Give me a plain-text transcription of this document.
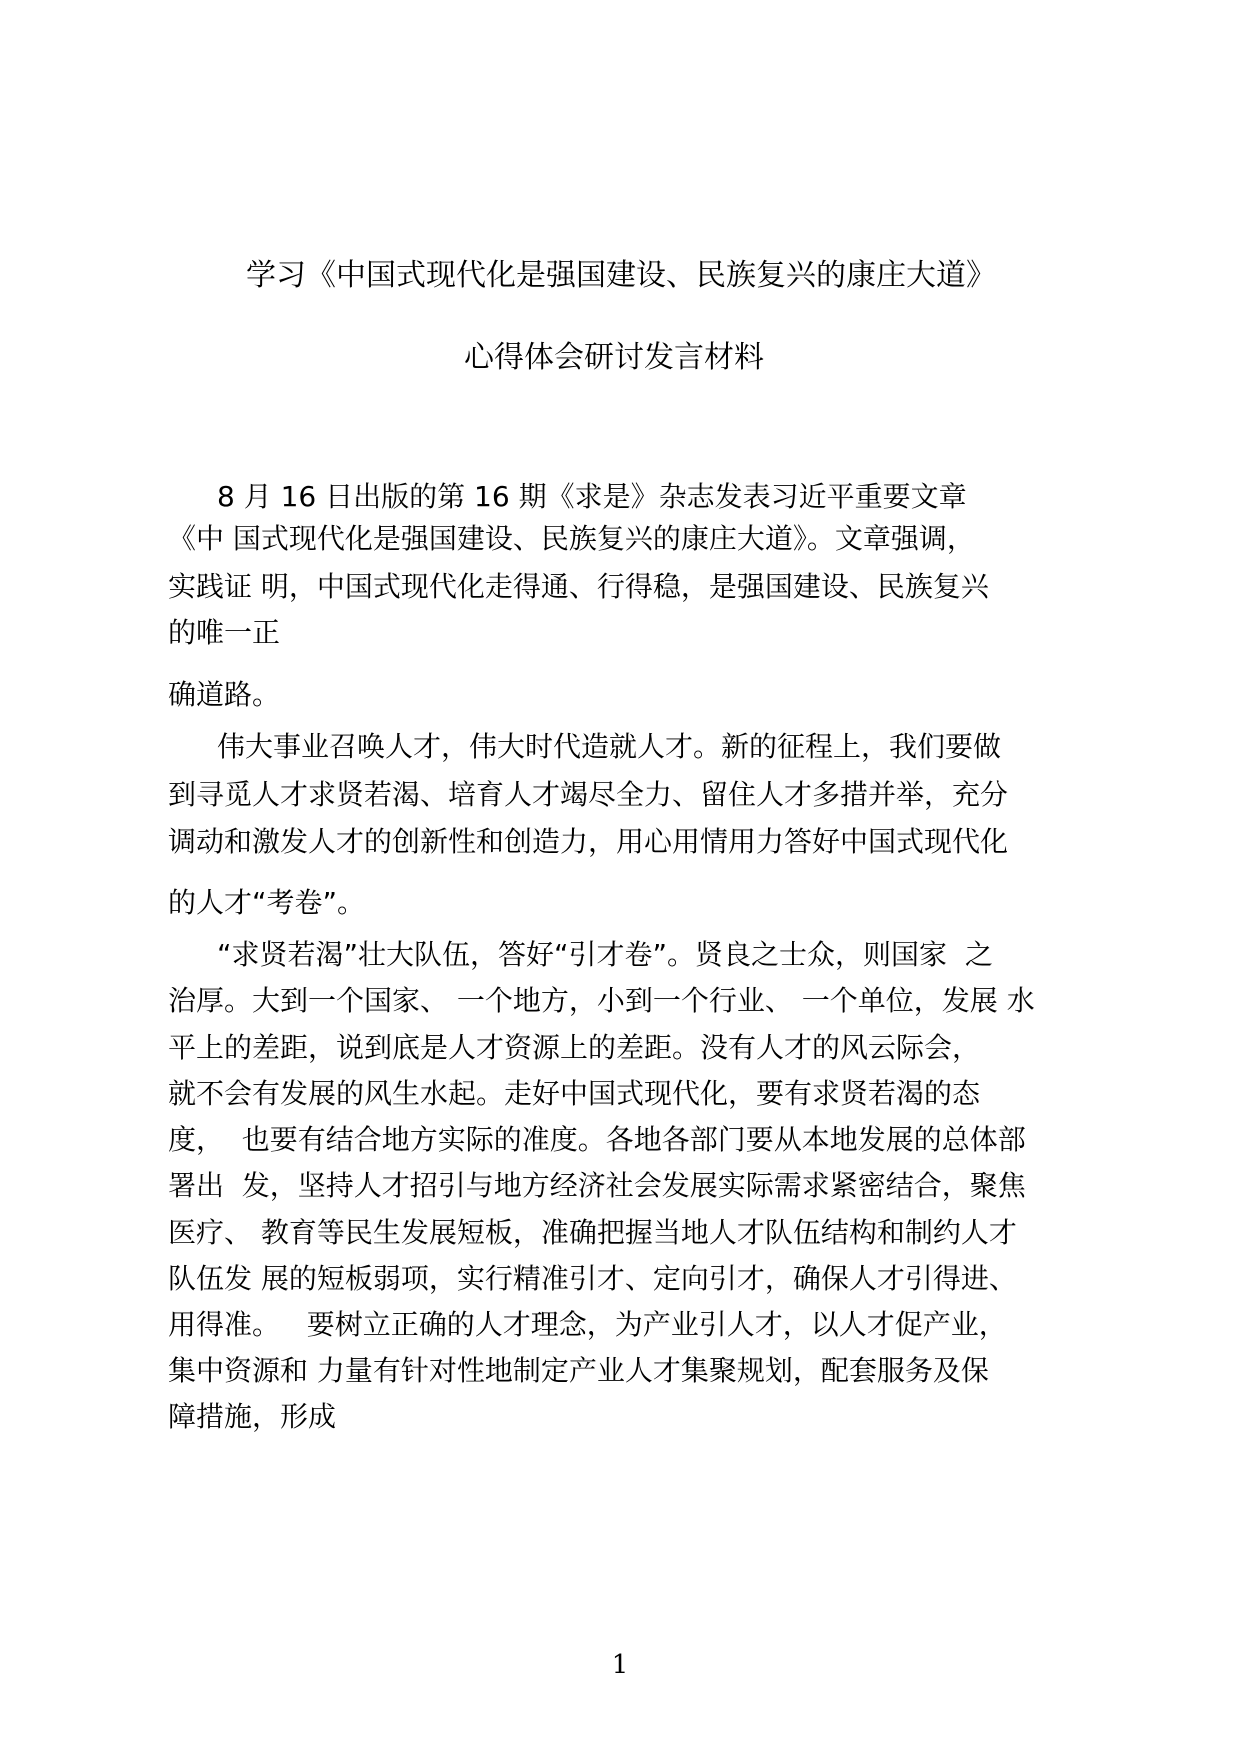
学习《中国式现代化是强国建设、民族复兴的康庄大道》
心得体会研讨发言材料
8 月 16 日出版的第 16 期《求是》杂志发表习近平重要文章
《中 国式现代化是强国建设、民族复兴的康庄大道》。文章强调，
实践证 明，中国式现代化走得通、行得稳，是强国建设、民族复兴
的唯一正
确道路。
伟大事业召唤人才，伟大时代造就人才。新的征程上，我们要做
到寻觅人才求贤若渴、培育人才竭尽全力、留住人才多措并举，充分
调动和激发人才的创新性和创造力，用心用情用力答好中国式现代化
的人才“考卷”。
“求贤若渴”壮大队伍，答好“引才卷”。贤良之士众，则国家  之
治厚。大到一个国家、 一个地方，小到一个行业、 一个单位，发展 水
平上的差距，说到底是人才资源上的差距。没有人才的风云际会，
就不会有发展的风生水起。走好中国式现代化，要有求贤若渴的态
度，  也要有结合地方实际的准度。各地各部门要从本地发展的总体部
署出  发，坚持人才招引与地方经济社会发展实际需求紧密结合，聚焦
医疗、 教育等民生发展短板，准确把握当地人才队伍结构和制约人才
队伍发 展的短板弱项，实行精准引才、定向引才，确保人才引得进、
用得准。   要树立正确的人才理念，为产业引人才，以人才促产业，
集中资源和 力量有针对性地制定产业人才集聚规划，配套服务及保
障措施，形成
1
